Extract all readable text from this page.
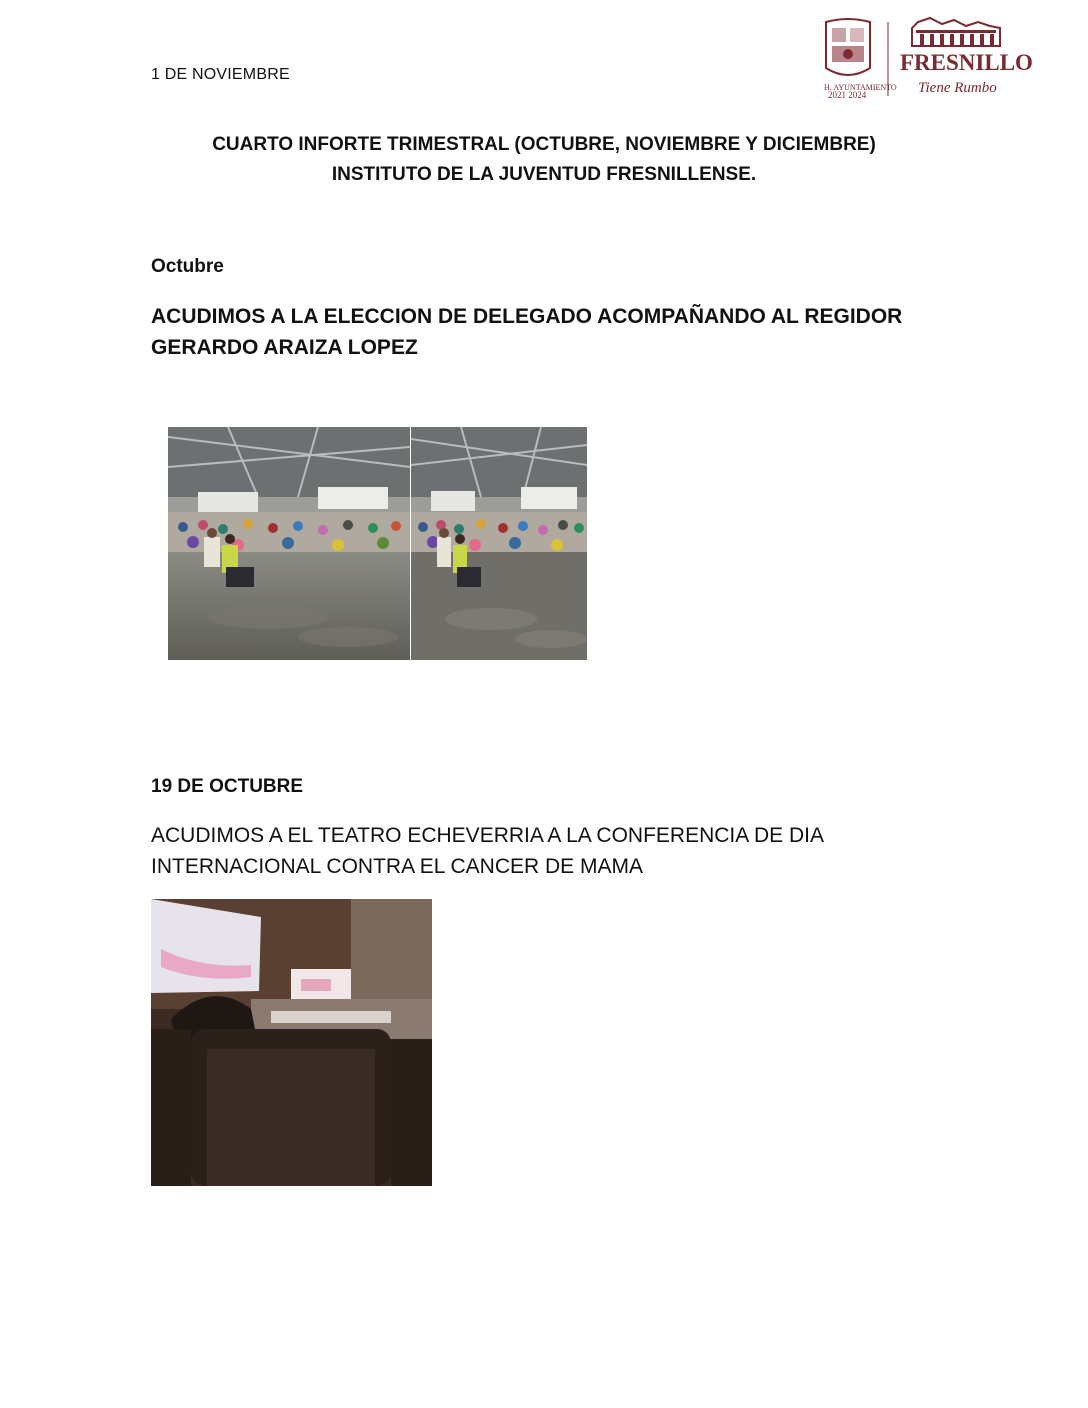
1 DE NOVIEMBRE
H. AYUNTAMIENTO
2021 2024
FRESNILLO
Tiene Rumbo
CUARTO INFORTE TRIMESTRAL (OCTUBRE, NOVIEMBRE Y DICIEMBRE)
INSTITUTO DE LA JUVENTUD FRESNILLENSE.
Octubre
ACUDIMOS A LA ELECCION DE DELEGADO ACOMPAÑANDO AL REGIDOR
GERARDO ARAIZA LOPEZ
19 DE OCTUBRE
ACUDIMOS A EL TEATRO ECHEVERRIA A LA CONFERENCIA DE DIA
INTERNACIONAL CONTRA EL CANCER DE MAMA
